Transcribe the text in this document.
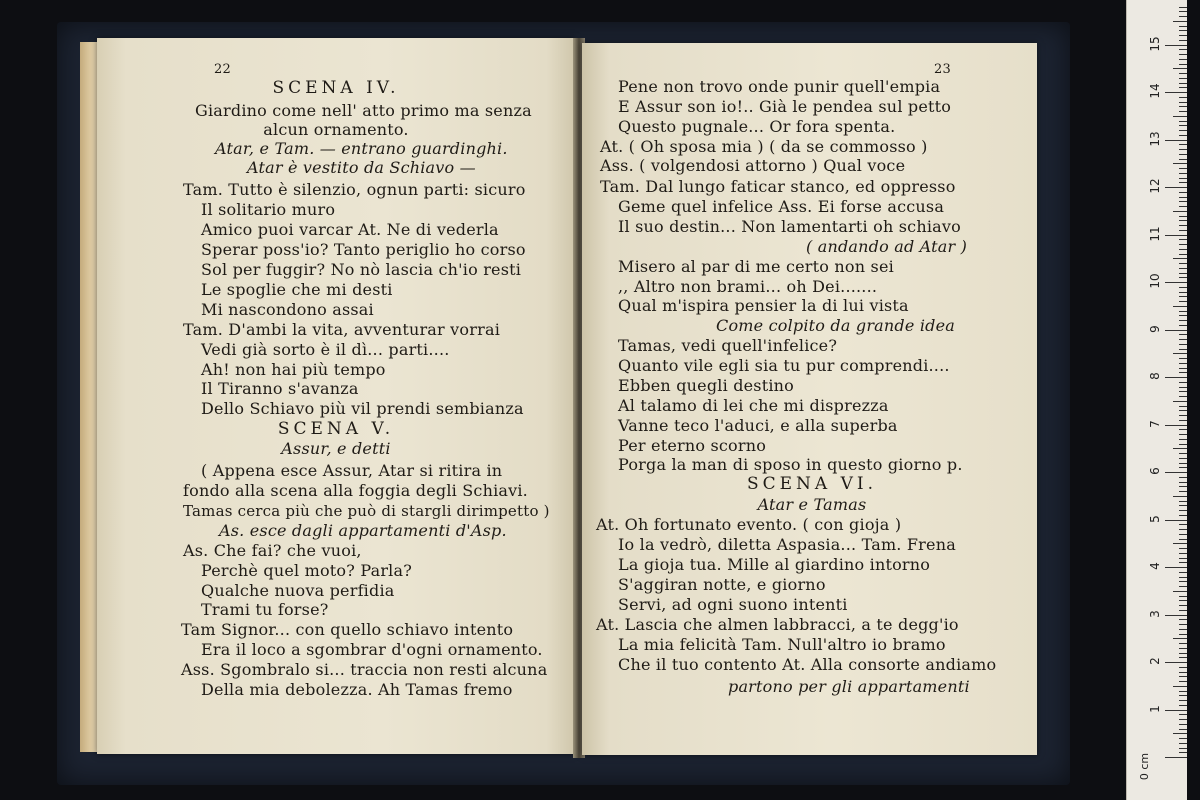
22
SCENA IV.
Giardino come nell' atto primo ma senza
alcun ornamento.
Atar, e Tam. — entrano guardinghi.
Atar è vestito da Schiavo —
Tam. Tutto è silenzio, ognun parti: sicuro
Il solitario muro
Amico puoi varcar At. Ne di vederla
Sperar poss'io? Tanto periglio ho corso
Sol per fuggir? No nò lascia ch'io resti
Le spoglie che mi desti
Mi nascondono assai
Tam. D'ambi la vita, avventurar vorrai
Vedi già sorto è il dì... parti....
Ah! non hai più tempo
Il Tiranno s'avanza
Dello Schiavo più vil prendi sembianza
SCENA V.
Assur, e detti
( Appena esce Assur, Atar si ritira in
fondo alla scena alla foggia degli Schiavi.
Tamas cerca più che può di stargli dirimpetto )
As. esce dagli appartamenti d'Asp.
As. Che fai? che vuoi,
Perchè quel moto? Parla?
Qualche nuova perfidia
Trami tu forse?
Tam Signor... con quello schiavo intento
Era il loco a sgombrar d'ogni ornamento.
Ass. Sgombralo si... traccia non resti alcuna
Della mia debolezza. Ah Tamas fremo
23
Pene non trovo onde punir quell'empia
E Assur son io!.. Già le pendea sul petto
Questo pugnale... Or fora spenta.
At. ( Oh sposa mia ) ( da se commosso )
Ass. ( volgendosi attorno ) Qual voce
Tam. Dal lungo faticar stanco, ed oppresso
Geme quel infelice Ass. Ei forse accusa
Il suo destin... Non lamentarti oh schiavo
( andando ad Atar )
Misero al par di me certo non sei
,, Altro non brami... oh Dei.......
Qual m'ispira pensier la di lui vista
Come colpito da grande idea
Tamas, vedi quell'infelice?
Quanto vile egli sia tu pur comprendi....
Ebben quegli destino
Al talamo di lei che mi disprezza
Vanne teco l'aduci, e alla superba
Per eterno scorno
Porga la man di sposo in questo giorno p.
SCENA VI.
Atar e Tamas
At. Oh fortunato evento. ( con gioja )
Io la vedrò, diletta Aspasia... Tam. Frena
La gioja tua. Mille al giardino intorno
S'aggiran notte, e giorno
Servi, ad ogni suono intenti
At. Lascia che almen labbracci, a te degg'io
La mia felicità Tam. Null'altro io bramo
Che il tuo contento At. Alla consorte andiamo
partono per gli appartamenti
0 cm
1
2
3
4
5
6
7
8
9
10
11
12
13
14
15
